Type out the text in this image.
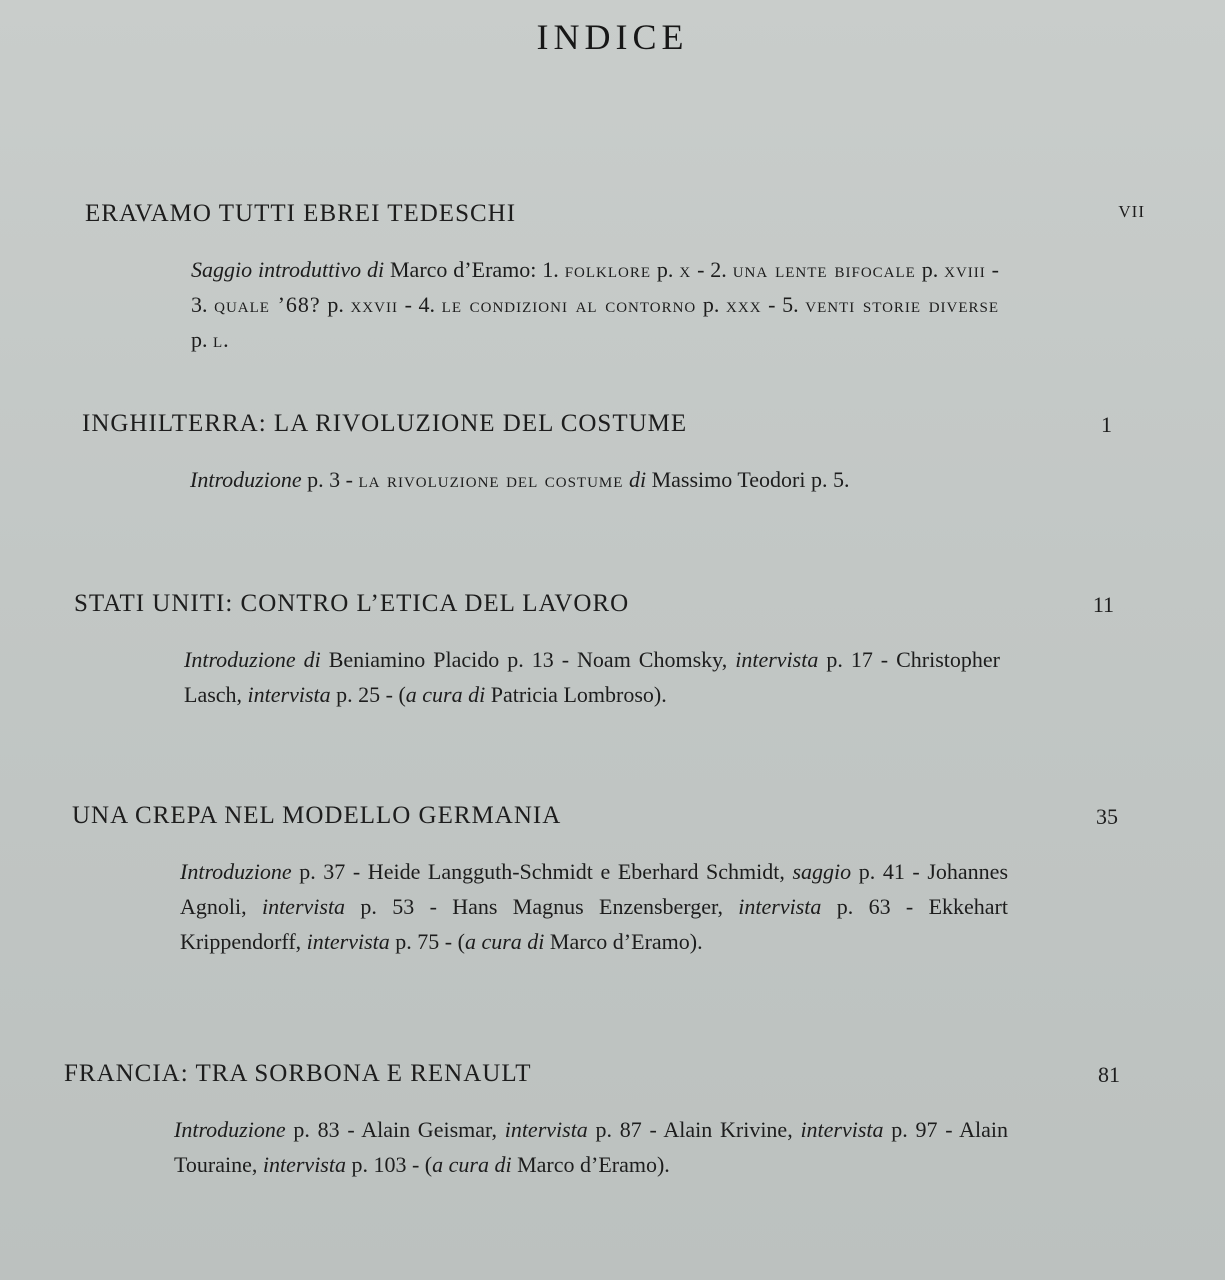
INDICE
ERAVAMO TUTTI EBREI TEDESCHI	VII
Saggio introduttivo di Marco d’Eramo: 1. folklore p. x - 2. una lente bifocale p. xviii - 3. quale ’68? p. xxvii - 4. le condizioni al contorno p. xxx - 5. venti storie diverse p. l.
INGHILTERRA: LA RIVOLUZIONE DEL COSTUME	1
Introduzione p. 3 - la rivoluzione del costume di Massimo Teodori p. 5.
STATI UNITI: CONTRO L’ETICA DEL LAVORO	11
Introduzione di Beniamino Placido p. 13 - Noam Chomsky, intervista p. 17 - Christopher Lasch, intervista p. 25 - (a cura di Patricia Lombroso).
UNA CREPA NEL MODELLO GERMANIA	35
Introduzione p. 37 - Heide Langguth-Schmidt e Eberhard Schmidt, saggio p. 41 - Johannes Agnoli, intervista p. 53 - Hans Magnus Enzensberger, intervista p. 63 - Ekkehart Krippendorff, intervista p. 75 - (a cura di Marco d’Eramo).
FRANCIA: TRA SORBONA E RENAULT	81
Introduzione p. 83 - Alain Geismar, intervista p. 87 - Alain Krivine, intervista p. 97 - Alain Touraine, intervista p. 103 - (a cura di Marco d’Eramo).
